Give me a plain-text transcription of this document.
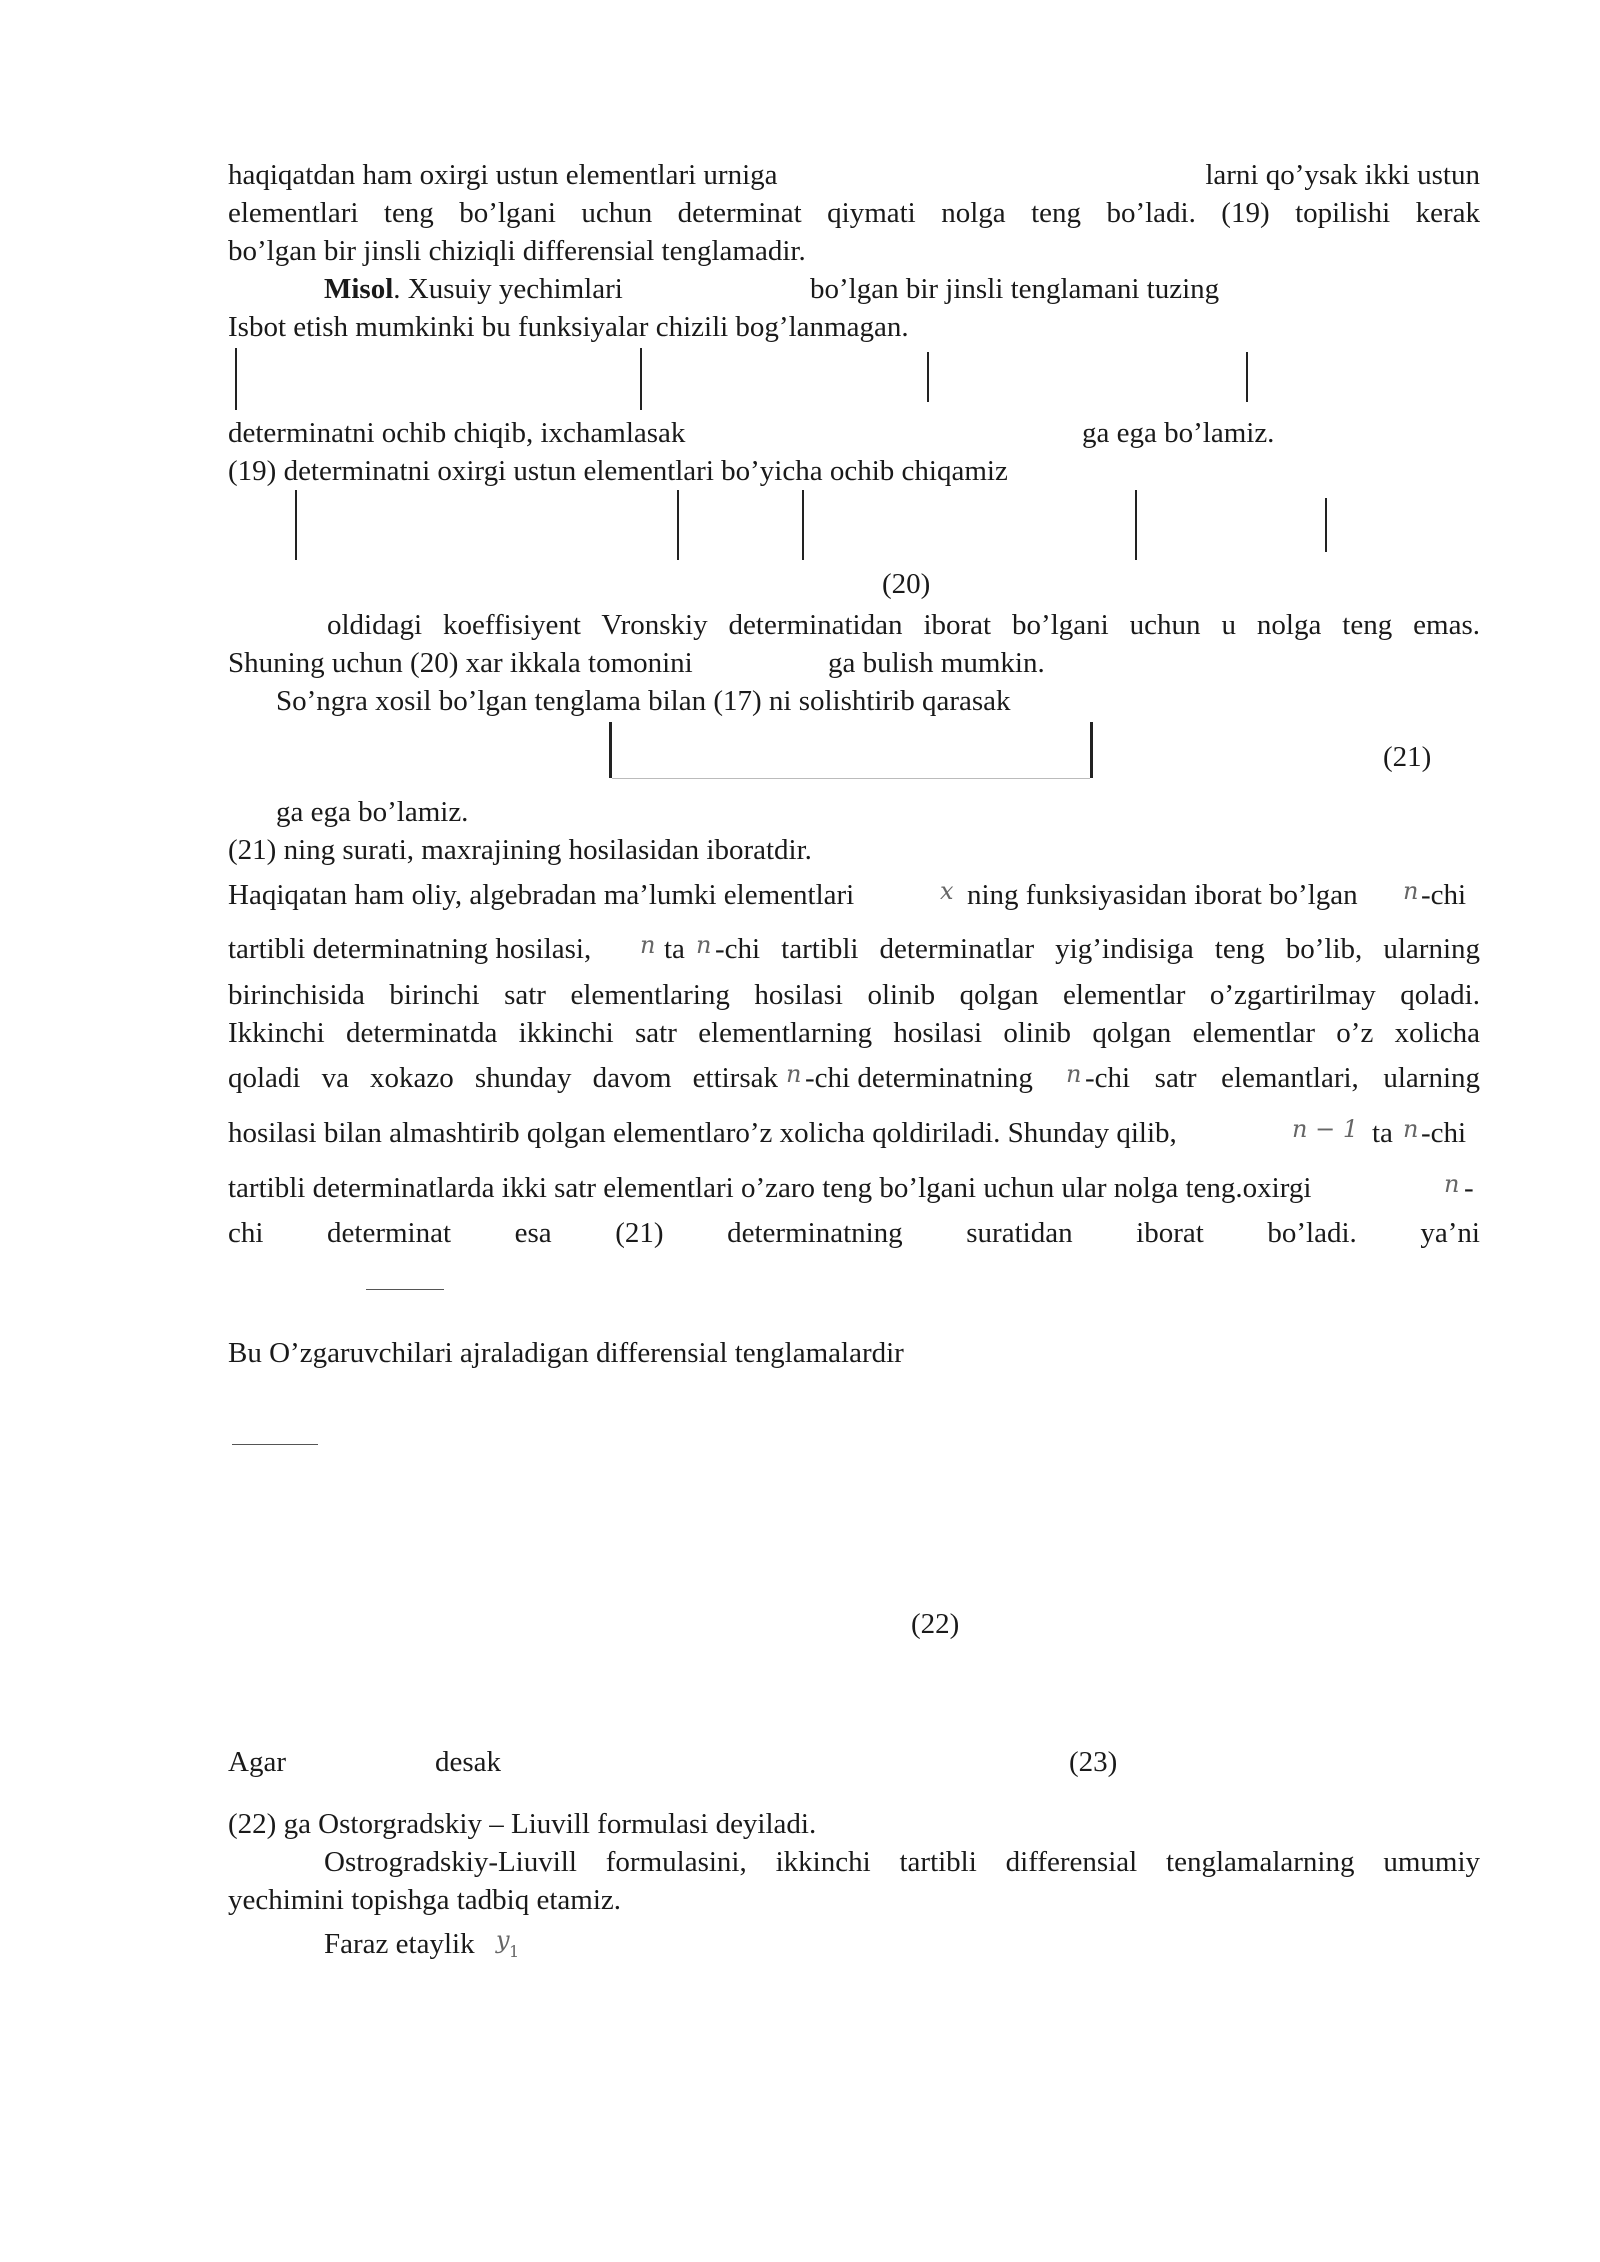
haqiqatdan ham oxirgi ustun elementlari urniga	larni qo’ysak ikki ustun
elementlari teng bo’lgani uchun determinat qiymati nolga teng bo’ladi. (19) topilishi kerak
bo’lgan bir jinsli chiziqli differensial tenglamadir.
Misol. Xusuiy yechimlari	bo’lgan bir jinsli tenglamani tuzing
Isbot etish mumkinki bu funksiyalar chizili bog’lanmagan.
determinatni ochib chiqib, ixchamlasak	ga ega bo’lamiz.
(19) determinatni oxirgi ustun elementlari bo’yicha ochib chiqamiz
(20)
oldidagi koeffisiyent Vronskiy determinatidan iborat bo’lgani uchun u nolga teng emas.
Shuning uchun (20) xar ikkala tomonini	ga bulish mumkin.
So’ngra xosil bo’lgan tenglama bilan (17) ni solishtirib qarasak
(21)
ga ega bo’lamiz.
(21) ning surati, maxrajining hosilasidan iboratdir.
Haqiqatan ham oliy, algebradan ma’lumki elementlari	x ning funksiyasidan iborat bo’lgan n -chi
tartibli determinatning hosilasi, n ta n -chi tartibli determinatlar yig’indisiga teng bo’lib, ularning
birinchisida birinchi satr elementlaring hosilasi olinib qolgan elementlar o’zgartirilmay qoladi.
Ikkinchi determinatda ikkinchi satr elementlarning hosilasi olinib qolgan elementlar o’z xolicha
qoladi va xokazo shunday davom ettirsak n -chi determinatning n -chi satr elemantlari, ularning
hosilasi bilan almashtirib qolgan elementlaro’z xolicha qoldiriladi. Shunday qilib,	n − 1 ta n -chi
tartibli determinatlarda ikki satr elementlari o’zaro teng bo’lgani uchun ular nolga teng.oxirgi	n -
chi determinat esa (21) determinatning suratidan iborat bo’ladi. ya’ni
Bu O’zgaruvchilari ajraladigan differensial tenglamalardir
(22)
Agar	desak	(23)
(22) ga Ostorgradskiy – Liuvill formulasi deyiladi.
Ostrogradskiy-Liuvill formulasini, ikkinchi tartibli differensial tenglamalarning umumiy
yechimini topishga tadbiq etamiz.
Faraz etaylik y 1
